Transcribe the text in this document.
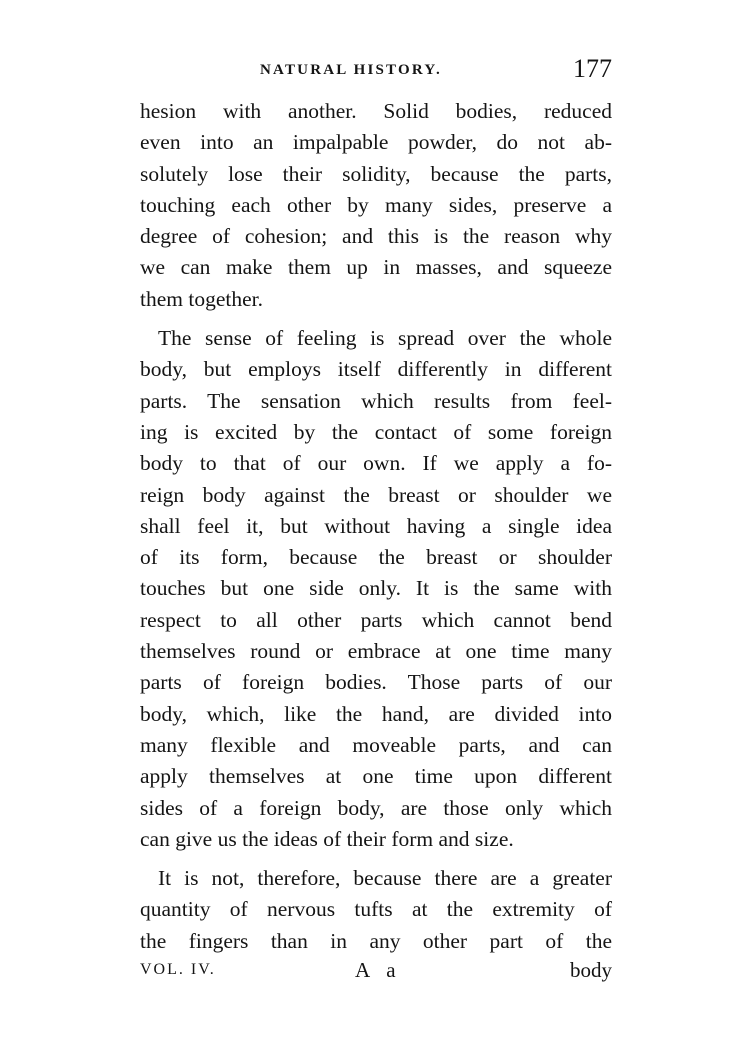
NATURAL HISTORY.	177
hesion with another. Solid bodies, reduced
even into an impalpable powder, do not ab-
solutely lose their solidity, because the parts,
touching each other by many sides, preserve a
degree of cohesion; and this is the reason why
we can make them up in masses, and squeeze
them together.
The sense of feeling is spread over the whole
body, but employs itself differently in different
parts. The sensation which results from feel-
ing is excited by the contact of some foreign
body to that of our own. If we apply a fo-
reign body against the breast or shoulder we
shall feel it, but without having a single idea
of its form, because the breast or shoulder
touches but one side only. It is the same with
respect to all other parts which cannot bend
themselves round or embrace at one time many
parts of foreign bodies. Those parts of our
body, which, like the hand, are divided into
many flexible and moveable parts, and can
apply themselves at one time upon different
sides of a foreign body, are those only which
can give us the ideas of their form and size.
It is not, therefore, because there are a greater
quantity of nervous tufts at the extremity of
the fingers than in any other part of the
VOL. IV.	A a	body
